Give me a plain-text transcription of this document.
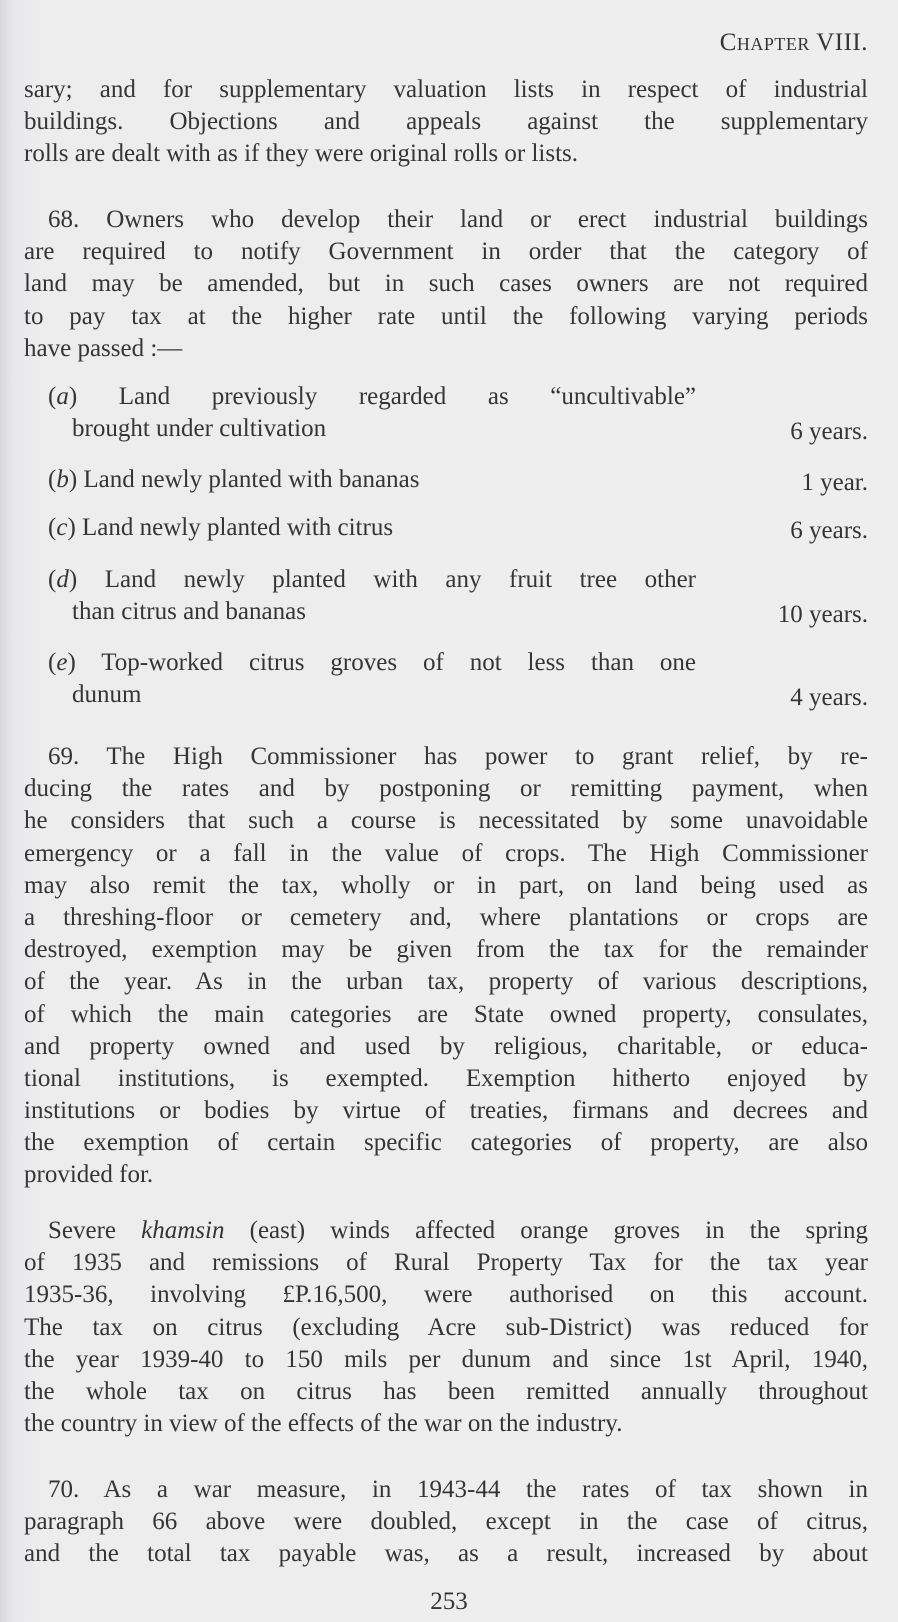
Chapter VIII.
sary; and for supplementary valuation lists in respect of industrial
buildings. Objections and appeals against the supplementary
rolls are dealt with as if they were original rolls or lists.
68. Owners who develop their land or erect industrial buildings
are required to notify Government in order that the category of
land may be amended, but in such cases owners are not required
to pay tax at the higher rate until the following varying periods
have passed :—
(a) Land previously regarded as “uncultivable”
brought under cultivation	6 years.
(b) Land newly planted with bananas	1 year.
(c) Land newly planted with citrus	6 years.
(d) Land newly planted with any fruit tree other
than citrus and bananas	10 years.
(e) Top-worked citrus groves of not less than one
dunum	4 years.
69. The High Commissioner has power to grant relief, by re-
ducing the rates and by postponing or remitting payment, when
he considers that such a course is necessitated by some unavoidable
emergency or a fall in the value of crops. The High Commissioner
may also remit the tax, wholly or in part, on land being used as
a threshing-floor or cemetery and, where plantations or crops are
destroyed, exemption may be given from the tax for the remainder
of the year. As in the urban tax, property of various descriptions,
of which the main categories are State owned property, consulates,
and property owned and used by religious, charitable, or educa-
tional institutions, is exempted. Exemption hitherto enjoyed by
institutions or bodies by virtue of treaties, firmans and decrees and
the exemption of certain specific categories of property, are also
provided for.
Severe khamsin (east) winds affected orange groves in the spring
of 1935 and remissions of Rural Property Tax for the tax year
1935-36, involving £P.16,500, were authorised on this account.
The tax on citrus (excluding Acre sub-District) was reduced for
the year 1939-40 to 150 mils per dunum and since 1st April, 1940,
the whole tax on citrus has been remitted annually throughout
the country in view of the effects of the war on the industry.
70. As a war measure, in 1943-44 the rates of tax shown in
paragraph 66 above were doubled, except in the case of citrus,
and the total tax payable was, as a result, increased by about
253
